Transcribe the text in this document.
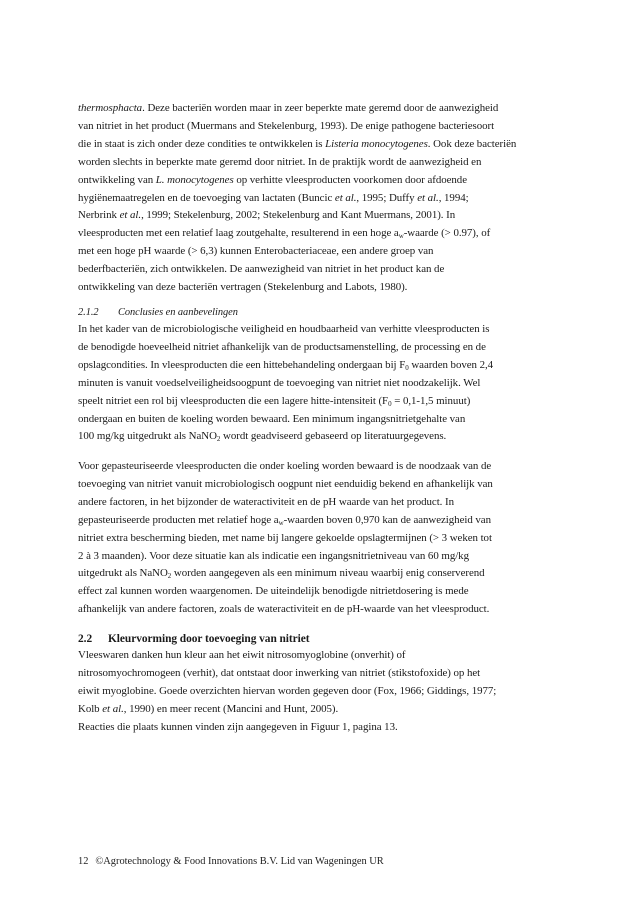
thermosphacta. Deze bacteriën worden maar in zeer beperkte mate geremd door de aanwezigheid
van nitriet in het product (Muermans and Stekelenburg, 1993). De enige pathogene bacteriesoort
die in staat is zich onder deze condities te ontwikkelen is Listeria monocytogenes. Ook deze bacteriën
worden slechts in beperkte mate geremd door nitriet. In de praktijk wordt de aanwezigheid en
ontwikkeling van L. monocytogenes op verhitte vleesproducten voorkomen door afdoende
hygiënemaatregelen en de toevoeging van lactaten (Buncic et al., 1995; Duffy et al., 1994;
Nerbrink et al., 1999; Stekelenburg, 2002; Stekelenburg and Kant Muermans, 2001). In
vleesproducten met een relatief laag zoutgehalte, resulterend in een hoge $a_w$-waarde (> 0.97), of
met een hoge pH waarde (> 6,3) kunnen Enterobacteriaceae, een andere groep van
bederfbacteriën, zich ontwikkelen. De aanwezigheid van nitriet in het product kan de
ontwikkeling van deze bacteriën vertragen (Stekelenburg and Labots, 1980).
2.1.2 Conclusies en aanbevelingen
In het kader van de microbiologische veiligheid en houdbaarheid van verhitte vleesproducten is
de benodigde hoeveelheid nitriet afhankelijk van de productsamenstelling, de processing en de
opslagcondities. In vleesproducten die een hittebehandeling ondergaan bij $F_0$ waarden boven 2,4
minuten is vanuit voedselveiligheidsoogpunt de toevoeging van nitriet niet noodzakelijk. Wel
speelt nitriet een rol bij vleesproducten die een lagere hitte-intensiteit ($F_0 = 0,1-1,5$ minuut)
ondergaan en buiten de koeling worden bewaard. Een minimum ingangsnitrietgehalte van
100 mg/kg uitgedrukt als NaNO$_2$ wordt geadviseerd gebaseerd op literatuurgegevens.
Voor gepasteuriseerde vleesproducten die onder koeling worden bewaard is de noodzaak van de
toevoeging van nitriet vanuit microbiologisch oogpunt niet eenduidig bekend en afhankelijk van
andere factoren, in het bijzonder de wateractiviteit en de pH waarde van het product. In
gepasteuriseerde producten met relatief hoge $a_w$-waarden boven 0,970 kan de aanwezigheid van
nitriet extra bescherming bieden, met name bij langere gekoelde opslagtermijnen (> 3 weken tot
2 à 3 maanden). Voor deze situatie kan als indicatie een ingangsnitrietniveau van 60 mg/kg
uitgedrukt als NaNO$_2$ worden aangegeven als een minimum niveau waarbij enig conserverend
effect zal kunnen worden waargenomen. De uiteindelijk benodigde nitrietdosering is mede
afhankelijk van andere factoren, zoals de wateractiviteit en de pH-waarde van het vleesproduct.
2.2 Kleurvorming door toevoeging van nitriet
Vleeswaren danken hun kleur aan het eiwit nitrosomyoglobine (onverhit) of
nitrosomyochromogeen (verhit), dat ontstaat door inwerking van nitriet (stikstofoxide) op het
eiwit myoglobine. Goede overzichten hiervan worden gegeven door (Fox, 1966; Giddings, 1977;
Kolb et al., 1990) en meer recent (Mancini and Hunt, 2005).
Reacties die plaats kunnen vinden zijn aangegeven in Figuur 1, pagina 13.
12 ©Agrotechnology & Food Innovations B.V. Lid van Wageningen UR
